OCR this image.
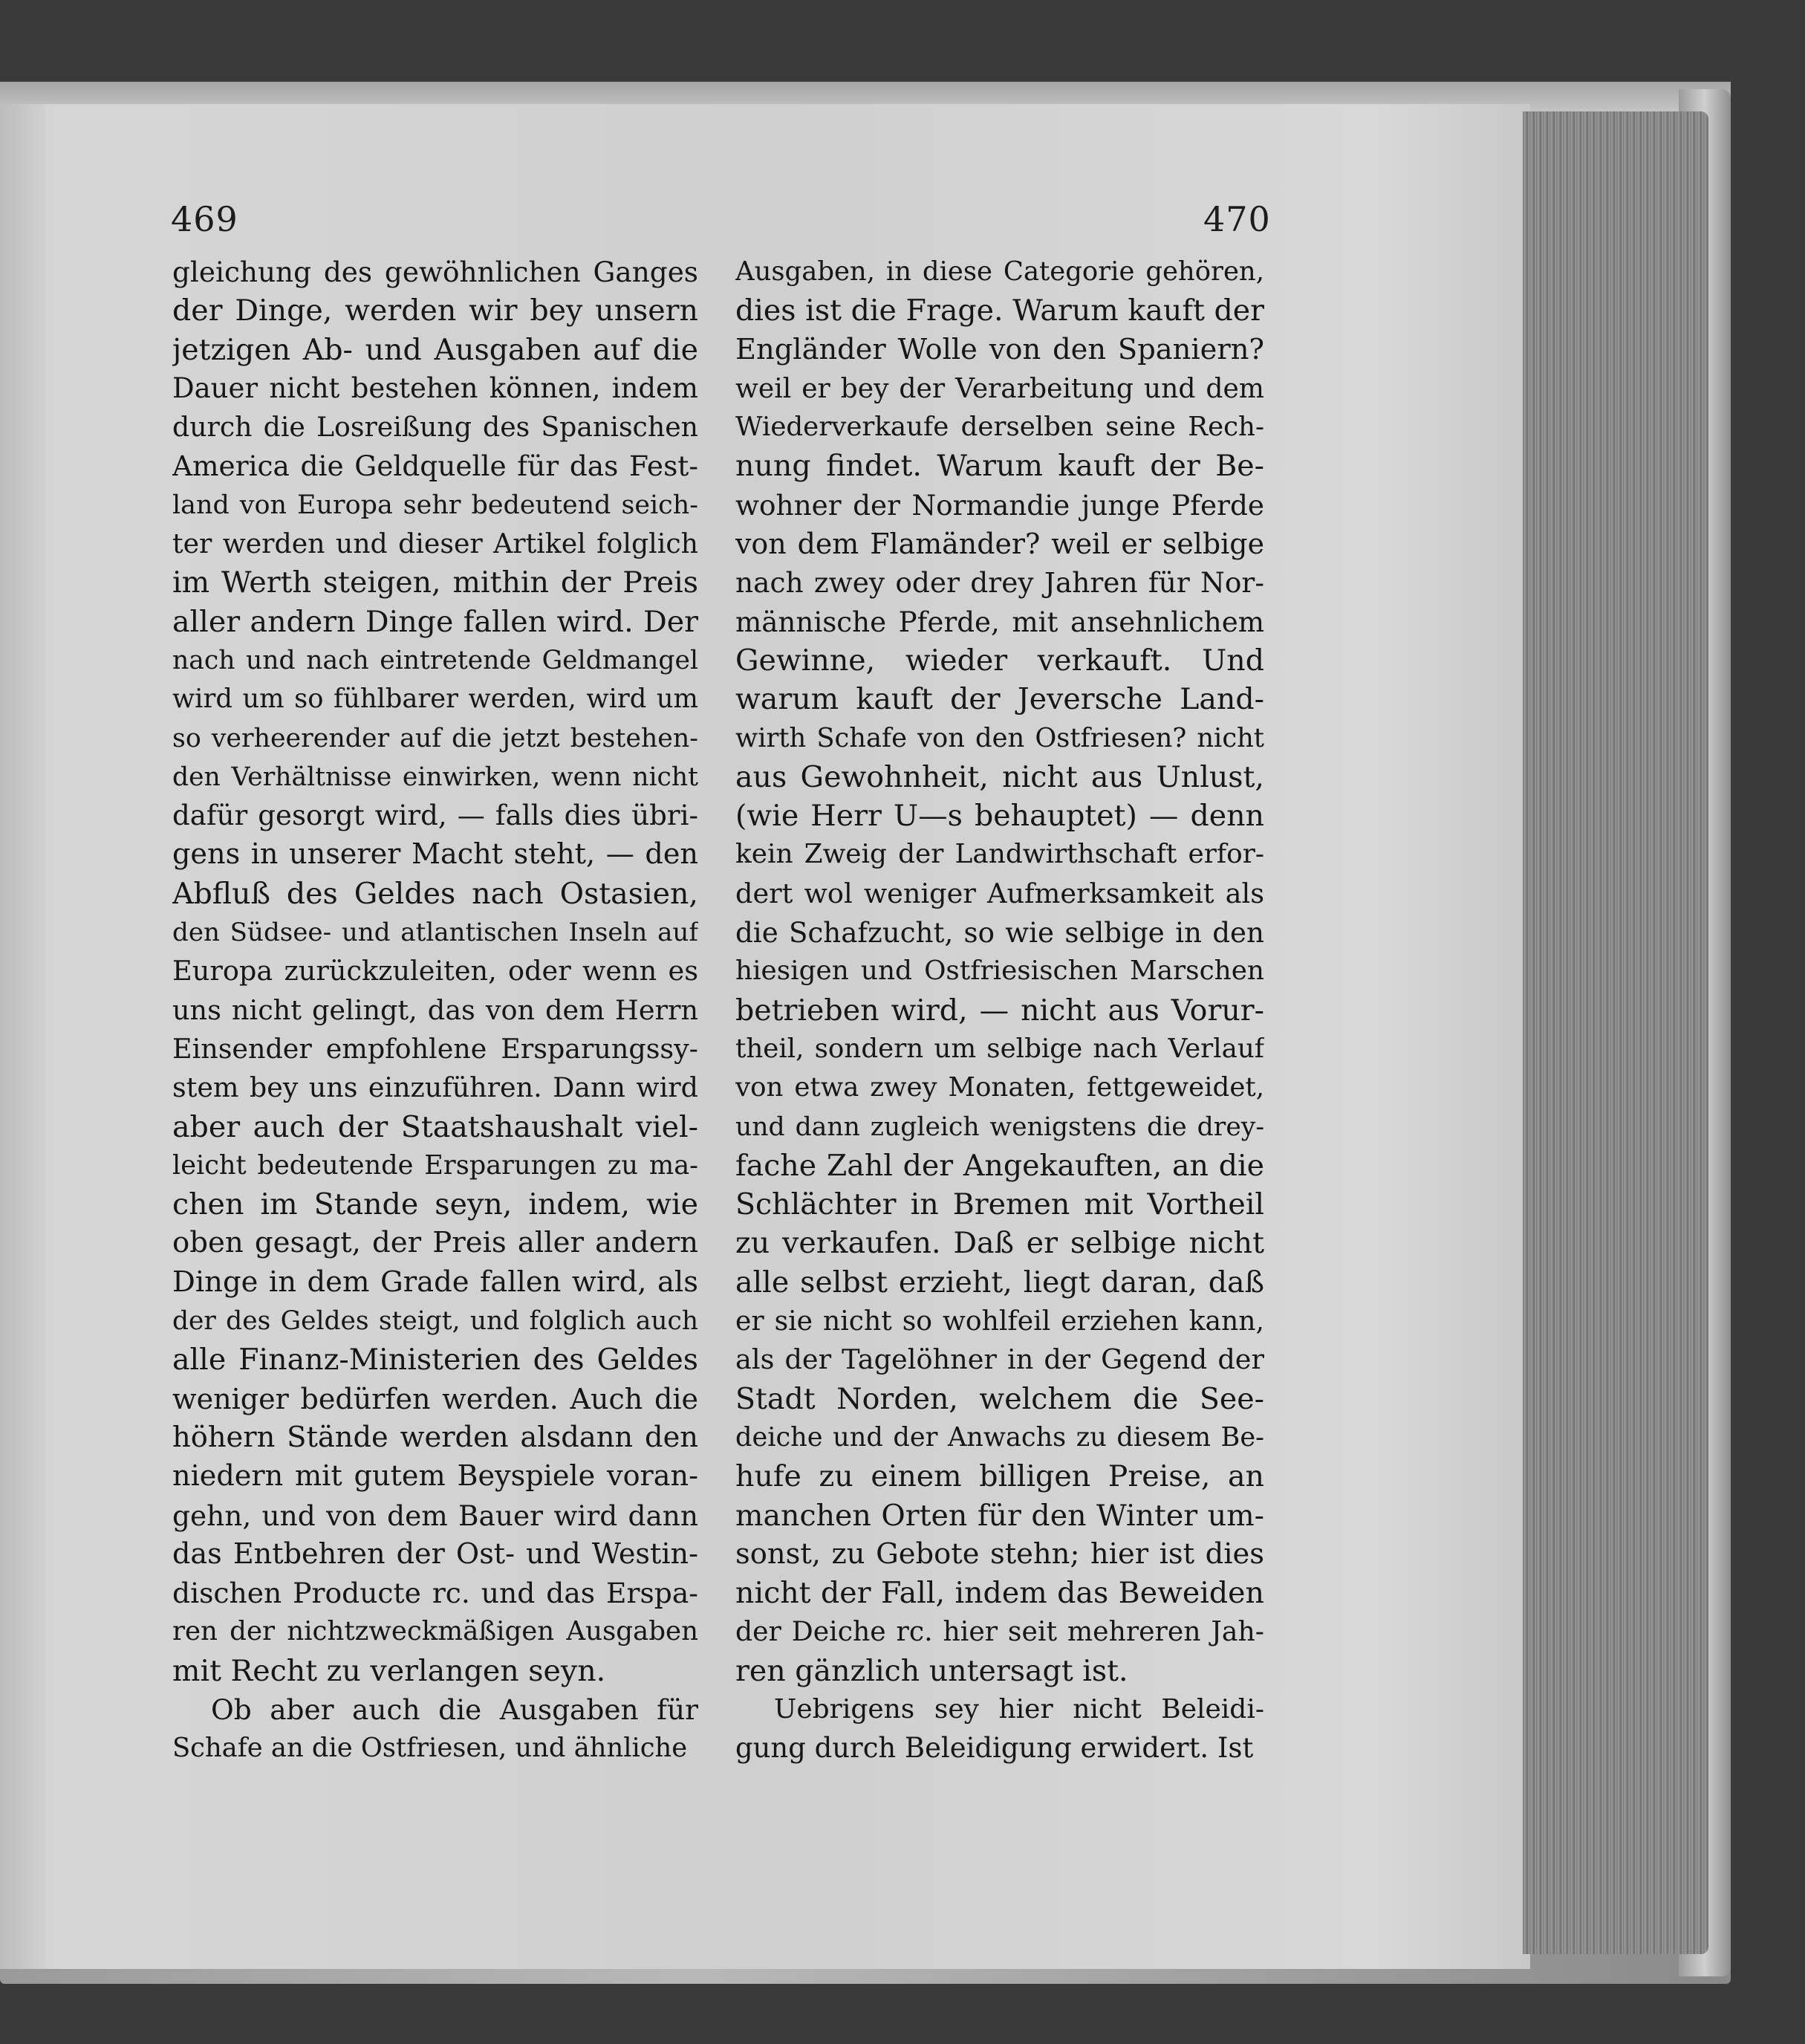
469	470
gleichung des gewöhnlichen Ganges
der Dinge, werden wir bey unsern
jetzigen Ab- und Ausgaben auf die
Dauer nicht bestehen können, indem
durch die Losreißung des Spanischen
America die Geldquelle für das Fest-
land von Europa sehr bedeutend seich-
ter werden und dieser Artikel folglich
im Werth steigen, mithin der Preis
aller andern Dinge fallen wird. Der
nach und nach eintretende Geldmangel
wird um so fühlbarer werden, wird um
so verheerender auf die jetzt bestehen-
den Verhältnisse einwirken, wenn nicht
dafür gesorgt wird, — falls dies übri-
gens in unserer Macht steht, — den
Abfluß des Geldes nach Ostasien,
den Südsee- und atlantischen Inseln auf
Europa zurückzuleiten, oder wenn es
uns nicht gelingt, das von dem Herrn
Einsender empfohlene Ersparungssy-
stem bey uns einzuführen. Dann wird
aber auch der Staatshaushalt viel-
leicht bedeutende Ersparungen zu ma-
chen im Stande seyn, indem, wie
oben gesagt, der Preis aller andern
Dinge in dem Grade fallen wird, als
der des Geldes steigt, und folglich auch
alle Finanz-Ministerien des Geldes
weniger bedürfen werden. Auch die
höhern Stände werden alsdann den
niedern mit gutem Beyspiele voran-
gehn, und von dem Bauer wird dann
das Entbehren der Ost- und Westin-
dischen Producte rc. und das Erspa-
ren der nichtzweckmäßigen Ausgaben
mit Recht zu verlangen seyn.
Ob aber auch die Ausgaben für
Schafe an die Ostfriesen, und ähnliche
Ausgaben, in diese Categorie gehören,
dies ist die Frage. Warum kauft der
Engländer Wolle von den Spaniern?
weil er bey der Verarbeitung und dem
Wiederverkaufe derselben seine Rech-
nung findet. Warum kauft der Be-
wohner der Normandie junge Pferde
von dem Flamänder? weil er selbige
nach zwey oder drey Jahren für Nor-
männische Pferde, mit ansehnlichem
Gewinne, wieder verkauft. Und
warum kauft der Jeversche Land-
wirth Schafe von den Ostfriesen? nicht
aus Gewohnheit, nicht aus Unlust,
(wie Herr U—s behauptet) — denn
kein Zweig der Landwirthschaft erfor-
dert wol weniger Aufmerksamkeit als
die Schafzucht, so wie selbige in den
hiesigen und Ostfriesischen Marschen
betrieben wird, — nicht aus Vorur-
theil, sondern um selbige nach Verlauf
von etwa zwey Monaten, fettgeweidet,
und dann zugleich wenigstens die drey-
fache Zahl der Angekauften, an die
Schlächter in Bremen mit Vortheil
zu verkaufen. Daß er selbige nicht
alle selbst erzieht, liegt daran, daß
er sie nicht so wohlfeil erziehen kann,
als der Tagelöhner in der Gegend der
Stadt Norden, welchem die See-
deiche und der Anwachs zu diesem Be-
hufe zu einem billigen Preise, an
manchen Orten für den Winter um-
sonst, zu Gebote stehn; hier ist dies
nicht der Fall, indem das Beweiden
der Deiche rc. hier seit mehreren Jah-
ren gänzlich untersagt ist.
Uebrigens sey hier nicht Beleidi-
gung durch Beleidigung erwidert. Ist
